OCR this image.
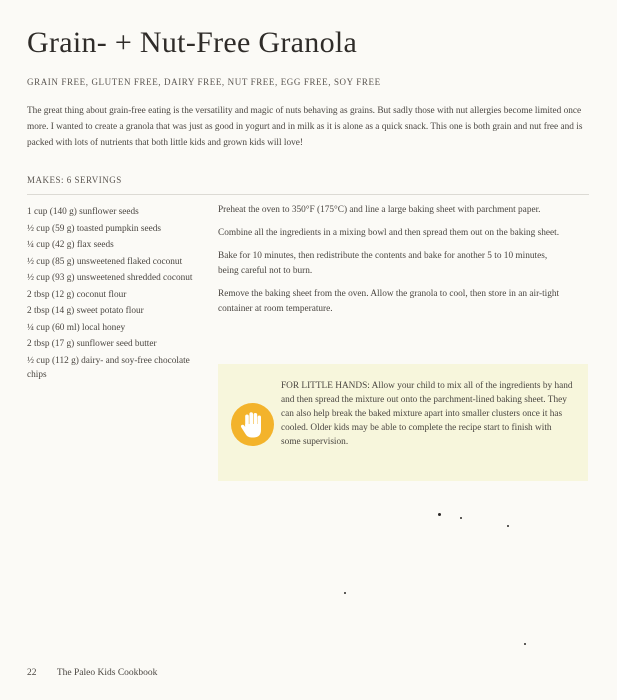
Grain- + Nut-Free Granola
GRAIN FREE, GLUTEN FREE, DAIRY FREE, NUT FREE, EGG FREE, SOY FREE
The great thing about grain-free eating is the versatility and magic of nuts behaving as grains. But sadly those with nut allergies become limited once more. I wanted to create a granola that was just as good in yogurt and in milk as it is alone as a quick snack. This one is both grain and nut free and is packed with lots of nutrients that both little kids and grown kids will love!
MAKES: 6 SERVINGS
1 cup (140 g) sunflower seeds
½ cup (59 g) toasted pumpkin seeds
¼ cup (42 g) flax seeds
½ cup (85 g) unsweetened flaked coconut
½ cup (93 g) unsweetened shredded coconut
2 tbsp (12 g) coconut flour
2 tbsp (14 g) sweet potato flour
¼ cup (60 ml) local honey
2 tbsp (17 g) sunflower seed butter
½ cup (112 g) dairy- and soy-free chocolate chips

Preheat the oven to 350°F (175°C) and line a large baking sheet with parchment paper.

Combine all the ingredients in a mixing bowl and then spread them out on the baking sheet.

Bake for 10 minutes, then redistribute the contents and bake for another 5 to 10 minutes, being careful not to burn.

Remove the baking sheet from the oven. Allow the granola to cool, then store in an air-tight container at room temperature.

FOR LITTLE HANDS: Allow your child to mix all of the ingredients by hand and then spread the mixture out onto the parchment-lined baking sheet. They can also help break the baked mixture apart into smaller clusters once it has cooled. Older kids may be able to complete the recipe start to finish with some supervision.
22 The Paleo Kids Cookbook
